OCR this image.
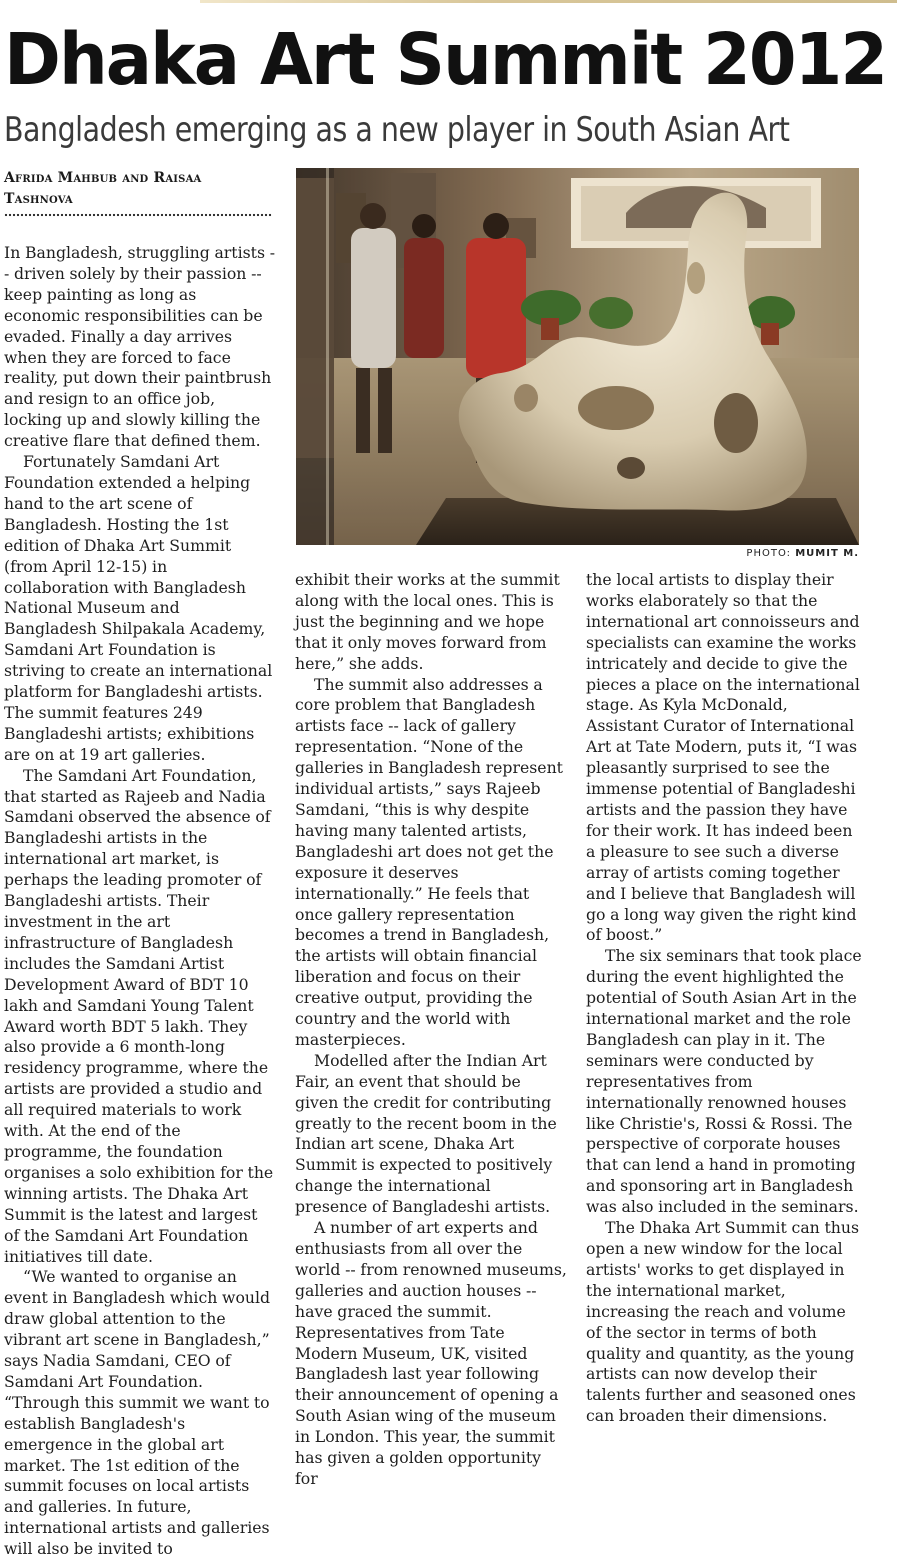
Dhaka Art Summit 2012
Bangladesh emerging as a new player in South Asian Art
Afrida Mahbub and Raisaa Tashnova

In Bangladesh, struggling artists -- driven solely by their passion -- keep painting as long as economic responsibilities can be evaded. Finally a day arrives when they are forced to face reality, put down their paintbrush and resign to an office job, locking up and slowly killing the creative flare that defined them.

Fortunately Samdani Art Foundation extended a helping hand to the art scene of Bangladesh. Hosting the 1st edition of Dhaka Art Summit (from April 12-15) in collaboration with Bangladesh National Museum and Bangladesh Shilpakala Academy, Samdani Art Foundation is striving to create an international platform for Bangladeshi artists. The summit features 249 Bangladeshi artists; exhibitions are on at 19 art galleries.

The Samdani Art Foundation, that started as Rajeeb and Nadia Samdani observed the absence of Bangladeshi artists in the international art market, is perhaps the leading promoter of Bangladeshi artists. Their investment in the art infrastructure of Bangladesh includes the Samdani Artist Development Award of BDT 10 lakh and Samdani Young Talent Award worth BDT 5 lakh. They also provide a 6 month-long residency programme, where the artists are provided a studio and all required materials to work with. At the end of the programme, the foundation organises a solo exhibition for the winning artists. The Dhaka Art Summit is the latest and largest of the Samdani Art Foundation initiatives till date.

“We wanted to organise an event in Bangladesh which would draw global attention to the vibrant art scene in Bangladesh,” says Nadia Samdani, CEO of Samdani Art Foundation. “Through this summit we want to establish Bangladesh's emergence in the global art market. The 1st edition of the summit focuses on local artists and galleries. In future, international artists and galleries will also be invited to

PHOTO: MUMIT M.

exhibit their works at the summit along with the local ones. This is just the beginning and we hope that it only moves forward from here,” she adds.

The summit also addresses a core problem that Bangladesh artists face -- lack of gallery representation. “None of the galleries in Bangladesh represent individual artists,” says Rajeeb Samdani, “this is why despite having many talented artists, Bangladeshi art does not get the exposure it deserves internationally.” He feels that once gallery representation becomes a trend in Bangladesh, the artists will obtain financial liberation and focus on their creative output, providing the country and the world with masterpieces.

Modelled after the Indian Art Fair, an event that should be given the credit for contributing greatly to the recent boom in the Indian art scene, Dhaka Art Summit is expected to positively change the international presence of Bangladeshi artists.

A number of art experts and enthusiasts from all over the world -- from renowned museums, galleries and auction houses -- have graced the summit. Representatives from Tate Modern Museum, UK, visited Bangladesh last year following their announcement of opening a South Asian wing of the museum in London. This year, the summit has given a golden opportunity for

the local artists to display their works elaborately so that the international art connoisseurs and specialists can examine the works intricately and decide to give the pieces a place on the international stage. As Kyla McDonald, Assistant Curator of International Art at Tate Modern, puts it, “I was pleasantly surprised to see the immense potential of Bangladeshi artists and the passion they have for their work. It has indeed been a pleasure to see such a diverse array of artists coming together and I believe that Bangladesh will go a long way given the right kind of boost.”

The six seminars that took place during the event highlighted the potential of South Asian Art in the international market and the role Bangladesh can play in it. The seminars were conducted by representatives from internationally renowned houses like Christie's, Rossi & Rossi. The perspective of corporate houses that can lend a hand in promoting and sponsoring art in Bangladesh was also included in the seminars.

The Dhaka Art Summit can thus open a new window for the local artists' works to get displayed in the international market, increasing the reach and volume of the sector in terms of both quality and quantity, as the young artists can now develop their talents further and seasoned ones can broaden their dimensions.
